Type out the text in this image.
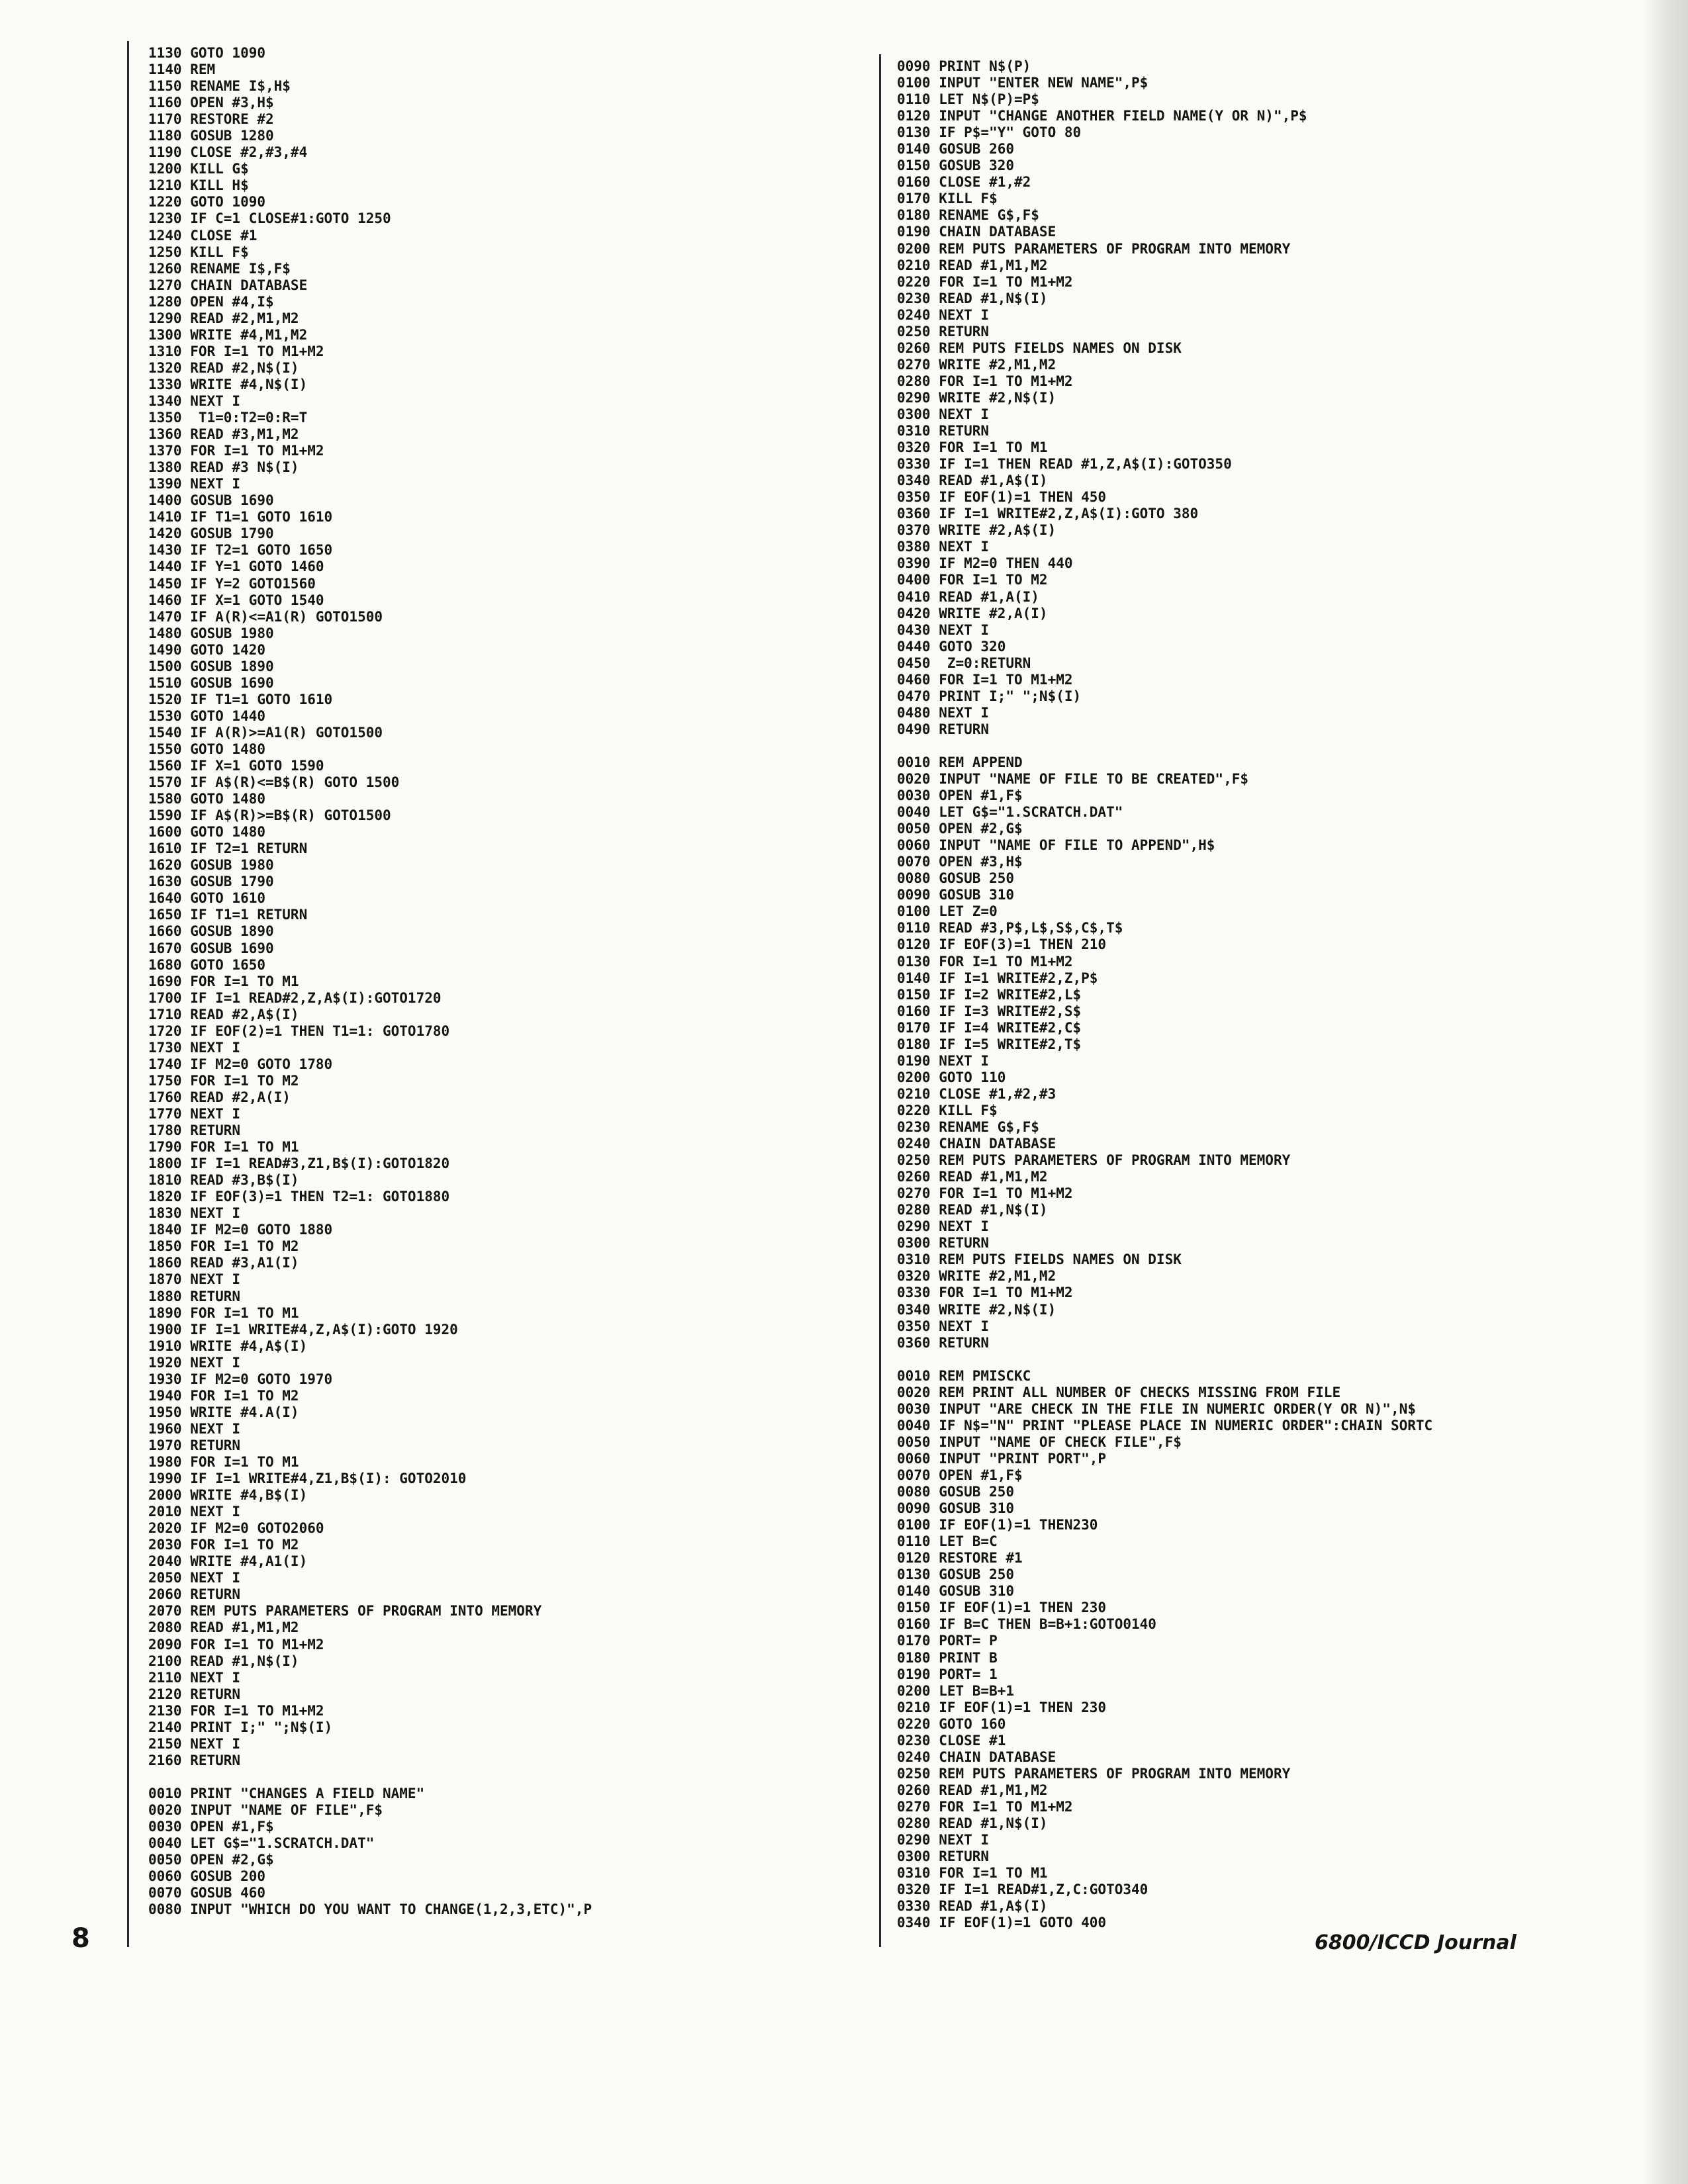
1130 GOTO 1090
1140 REM
1150 RENAME I$,H$
1160 OPEN #3,H$
1170 RESTORE #2
1180 GOSUB 1280
1190 CLOSE #2,#3,#4
1200 KILL G$
1210 KILL H$
1220 GOTO 1090
1230 IF C=1 CLOSE#1:GOTO 1250
1240 CLOSE #1
1250 KILL F$
1260 RENAME I$,F$
1270 CHAIN DATABASE
1280 OPEN #4,I$
1290 READ #2,M1,M2
1300 WRITE #4,M1,M2
1310 FOR I=1 TO M1+M2
1320 READ #2,N$(I)
1330 WRITE #4,N$(I)
1340 NEXT I
1350  T1=0:T2=0:R=T
1360 READ #3,M1,M2
1370 FOR I=1 TO M1+M2
1380 READ #3 N$(I)
1390 NEXT I
1400 GOSUB 1690
1410 IF T1=1 GOTO 1610
1420 GOSUB 1790
1430 IF T2=1 GOTO 1650
1440 IF Y=1 GOTO 1460
1450 IF Y=2 GOTO1560
1460 IF X=1 GOTO 1540
1470 IF A(R)<=A1(R) GOTO1500
1480 GOSUB 1980
1490 GOTO 1420
1500 GOSUB 1890
1510 GOSUB 1690
1520 IF T1=1 GOTO 1610
1530 GOTO 1440
1540 IF A(R)>=A1(R) GOTO1500
1550 GOTO 1480
1560 IF X=1 GOTO 1590
1570 IF A$(R)<=B$(R) GOTO 1500
1580 GOTO 1480
1590 IF A$(R)>=B$(R) GOTO1500
1600 GOTO 1480
1610 IF T2=1 RETURN
1620 GOSUB 1980
1630 GOSUB 1790
1640 GOTO 1610
1650 IF T1=1 RETURN
1660 GOSUB 1890
1670 GOSUB 1690
1680 GOTO 1650
1690 FOR I=1 TO M1
1700 IF I=1 READ#2,Z,A$(I):GOTO1720
1710 READ #2,A$(I)
1720 IF EOF(2)=1 THEN T1=1: GOTO1780
1730 NEXT I
1740 IF M2=0 GOTO 1780
1750 FOR I=1 TO M2
1760 READ #2,A(I)
1770 NEXT I
1780 RETURN
1790 FOR I=1 TO M1
1800 IF I=1 READ#3,Z1,B$(I):GOTO1820
1810 READ #3,B$(I)
1820 IF EOF(3)=1 THEN T2=1: GOTO1880
1830 NEXT I
1840 IF M2=0 GOTO 1880
1850 FOR I=1 TO M2
1860 READ #3,A1(I)
1870 NEXT I
1880 RETURN
1890 FOR I=1 TO M1
1900 IF I=1 WRITE#4,Z,A$(I):GOTO 1920
1910 WRITE #4,A$(I)
1920 NEXT I
1930 IF M2=0 GOTO 1970
1940 FOR I=1 TO M2
1950 WRITE #4.A(I)
1960 NEXT I
1970 RETURN
1980 FOR I=1 TO M1
1990 IF I=1 WRITE#4,Z1,B$(I): GOTO2010
2000 WRITE #4,B$(I)
2010 NEXT I
2020 IF M2=0 GOTO2060
2030 FOR I=1 TO M2
2040 WRITE #4,A1(I)
2050 NEXT I
2060 RETURN
2070 REM PUTS PARAMETERS OF PROGRAM INTO MEMORY
2080 READ #1,M1,M2
2090 FOR I=1 TO M1+M2
2100 READ #1,N$(I)
2110 NEXT I
2120 RETURN
2130 FOR I=1 TO M1+M2
2140 PRINT I;" ";N$(I)
2150 NEXT I
2160 RETURN

0010 PRINT "CHANGES A FIELD NAME"
0020 INPUT "NAME OF FILE",F$
0030 OPEN #1,F$
0040 LET G$="1.SCRATCH.DAT"
0050 OPEN #2,G$
0060 GOSUB 200
0070 GOSUB 460
0080 INPUT "WHICH DO YOU WANT TO CHANGE(1,2,3,ETC)",P
0090 PRINT N$(P)
0100 INPUT "ENTER NEW NAME",P$
0110 LET N$(P)=P$
0120 INPUT "CHANGE ANOTHER FIELD NAME(Y OR N)",P$
0130 IF P$="Y" GOTO 80
0140 GOSUB 260
0150 GOSUB 320
0160 CLOSE #1,#2
0170 KILL F$
0180 RENAME G$,F$
0190 CHAIN DATABASE
0200 REM PUTS PARAMETERS OF PROGRAM INTO MEMORY
0210 READ #1,M1,M2
0220 FOR I=1 TO M1+M2
0230 READ #1,N$(I)
0240 NEXT I
0250 RETURN
0260 REM PUTS FIELDS NAMES ON DISK
0270 WRITE #2,M1,M2
0280 FOR I=1 TO M1+M2
0290 WRITE #2,N$(I)
0300 NEXT I
0310 RETURN
0320 FOR I=1 TO M1
0330 IF I=1 THEN READ #1,Z,A$(I):GOTO350
0340 READ #1,A$(I)
0350 IF EOF(1)=1 THEN 450
0360 IF I=1 WRITE#2,Z,A$(I):GOTO 380
0370 WRITE #2,A$(I)
0380 NEXT I
0390 IF M2=0 THEN 440
0400 FOR I=1 TO M2
0410 READ #1,A(I)
0420 WRITE #2,A(I)
0430 NEXT I
0440 GOTO 320
0450  Z=0:RETURN
0460 FOR I=1 TO M1+M2
0470 PRINT I;" ";N$(I)
0480 NEXT I
0490 RETURN

0010 REM APPEND
0020 INPUT "NAME OF FILE TO BE CREATED",F$
0030 OPEN #1,F$
0040 LET G$="1.SCRATCH.DAT"
0050 OPEN #2,G$
0060 INPUT "NAME OF FILE TO APPEND",H$
0070 OPEN #3,H$
0080 GOSUB 250
0090 GOSUB 310
0100 LET Z=0
0110 READ #3,P$,L$,S$,C$,T$
0120 IF EOF(3)=1 THEN 210
0130 FOR I=1 TO M1+M2
0140 IF I=1 WRITE#2,Z,P$
0150 IF I=2 WRITE#2,L$
0160 IF I=3 WRITE#2,S$
0170 IF I=4 WRITE#2,C$
0180 IF I=5 WRITE#2,T$
0190 NEXT I
0200 GOTO 110
0210 CLOSE #1,#2,#3
0220 KILL F$
0230 RENAME G$,F$
0240 CHAIN DATABASE
0250 REM PUTS PARAMETERS OF PROGRAM INTO MEMORY
0260 READ #1,M1,M2
0270 FOR I=1 TO M1+M2
0280 READ #1,N$(I)
0290 NEXT I
0300 RETURN
0310 REM PUTS FIELDS NAMES ON DISK
0320 WRITE #2,M1,M2
0330 FOR I=1 TO M1+M2
0340 WRITE #2,N$(I)
0350 NEXT I
0360 RETURN

0010 REM PMISCKC
0020 REM PRINT ALL NUMBER OF CHECKS MISSING FROM FILE
0030 INPUT "ARE CHECK IN THE FILE IN NUMERIC ORDER(Y OR N)",N$
0040 IF N$="N" PRINT "PLEASE PLACE IN NUMERIC ORDER":CHAIN SORTC
0050 INPUT "NAME OF CHECK FILE",F$
0060 INPUT "PRINT PORT",P
0070 OPEN #1,F$
0080 GOSUB 250
0090 GOSUB 310
0100 IF EOF(1)=1 THEN230
0110 LET B=C
0120 RESTORE #1
0130 GOSUB 250
0140 GOSUB 310
0150 IF EOF(1)=1 THEN 230
0160 IF B=C THEN B=B+1:GOTO0140
0170 PORT= P
0180 PRINT B
0190 PORT= 1
0200 LET B=B+1
0210 IF EOF(1)=1 THEN 230
0220 GOTO 160
0230 CLOSE #1
0240 CHAIN DATABASE
0250 REM PUTS PARAMETERS OF PROGRAM INTO MEMORY
0260 READ #1,M1,M2
0270 FOR I=1 TO M1+M2
0280 READ #1,N$(I)
0290 NEXT I
0300 RETURN
0310 FOR I=1 TO M1
0320 IF I=1 READ#1,Z,C:GOTO340
0330 READ #1,A$(I)
0340 IF EOF(1)=1 GOTO 400
8	6800/ICCD Journal
